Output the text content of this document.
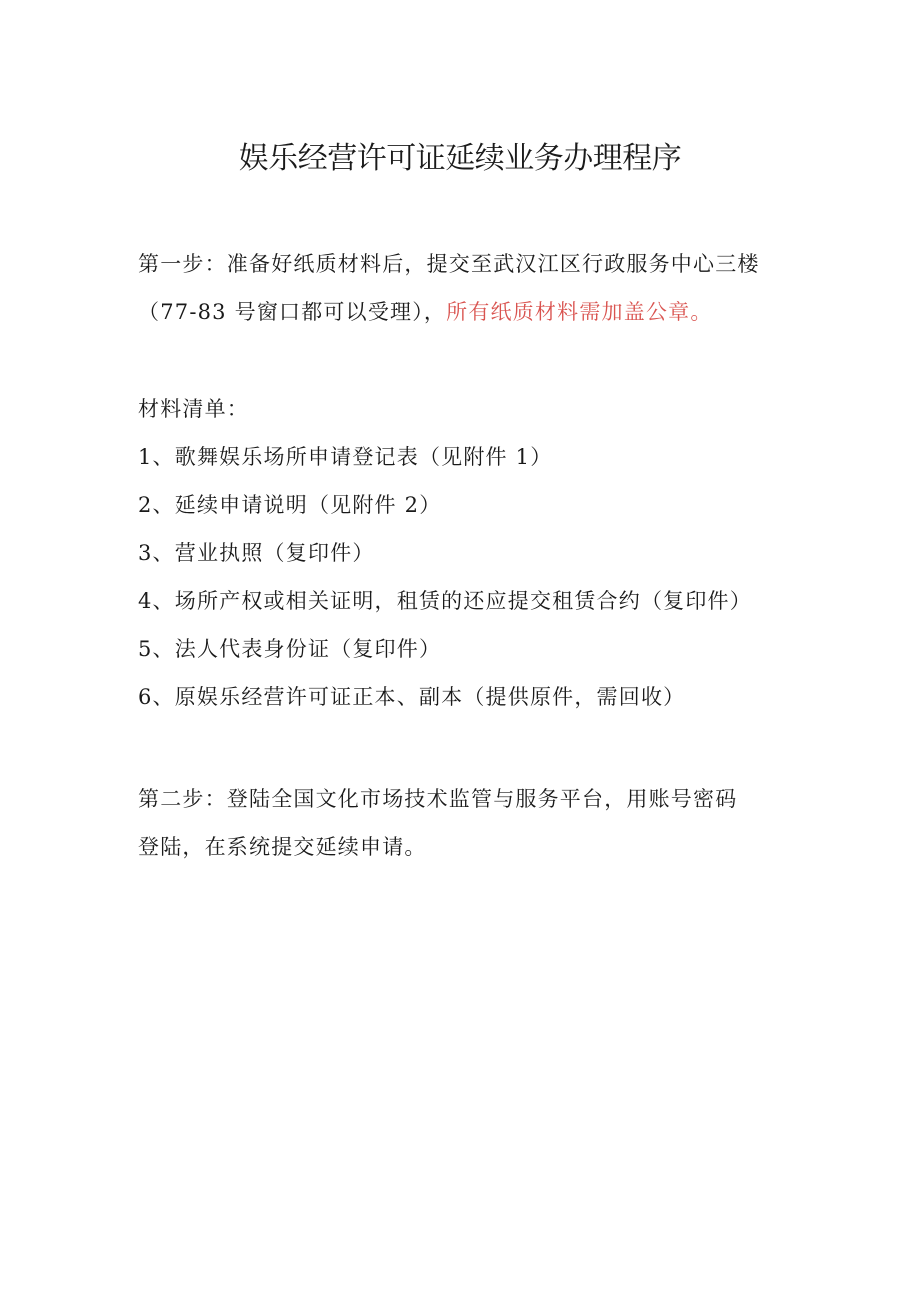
娱乐经营许可证延续业务办理程序
第一步：准备好纸质材料后，提交至武汉江区行政服务中心三楼
（77-83 号窗口都可以受理），所有纸质材料需加盖公章。
材料清单：
1、歌舞娱乐场所申请登记表（见附件 1）
2、延续申请说明（见附件 2）
3、营业执照（复印件）
4、场所产权或相关证明，租赁的还应提交租赁合约（复印件）
5、法人代表身份证（复印件）
6、原娱乐经营许可证正本、副本（提供原件，需回收）
第二步：登陆全国文化市场技术监管与服务平台，用账号密码
登陆，在系统提交延续申请。
